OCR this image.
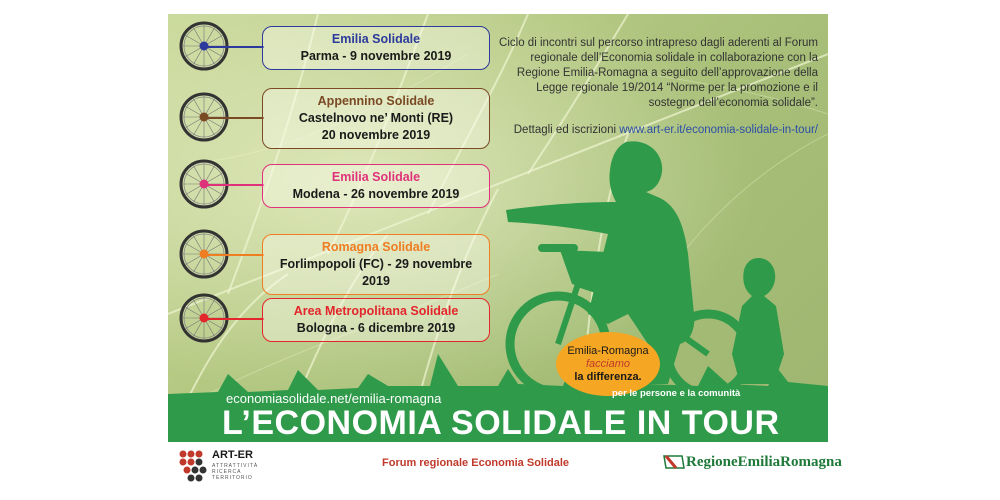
Emilia Solidale
Parma - 9 novembre 2019
Appennino Solidale
Castelnovo ne’ Monti (RE)
20 novembre 2019
Emilia Solidale
Modena - 26 novembre 2019
Romagna Solidale
Forlimpopoli (FC) - 29 novembre 2019
Area Metropolitana Solidale
Bologna - 6 dicembre 2019
Ciclo di incontri sul percorso intrapreso dagli aderenti al Forum regionale dell’Economia solidale in collaborazione con la Regione Emilia-Romagna a seguito dell’approvazione della Legge regionale 19/2014 “Norme per la promozione e il sostegno dell’economia solidale”.
Dettagli ed iscrizioni www.art-er.it/economia-solidale-in-tour/
Emilia-Romagna
facciamo
la differenza.
economiasolidale.net/emilia-romagna	per le persone e la comunità
L’ECONOMIA SOLIDALE IN TOUR
ART-ER
ATTRATTIVITÀ RICERCA TERRITORIO
Forum regionale Economia Solidale	RegioneEmiliaRomagna
